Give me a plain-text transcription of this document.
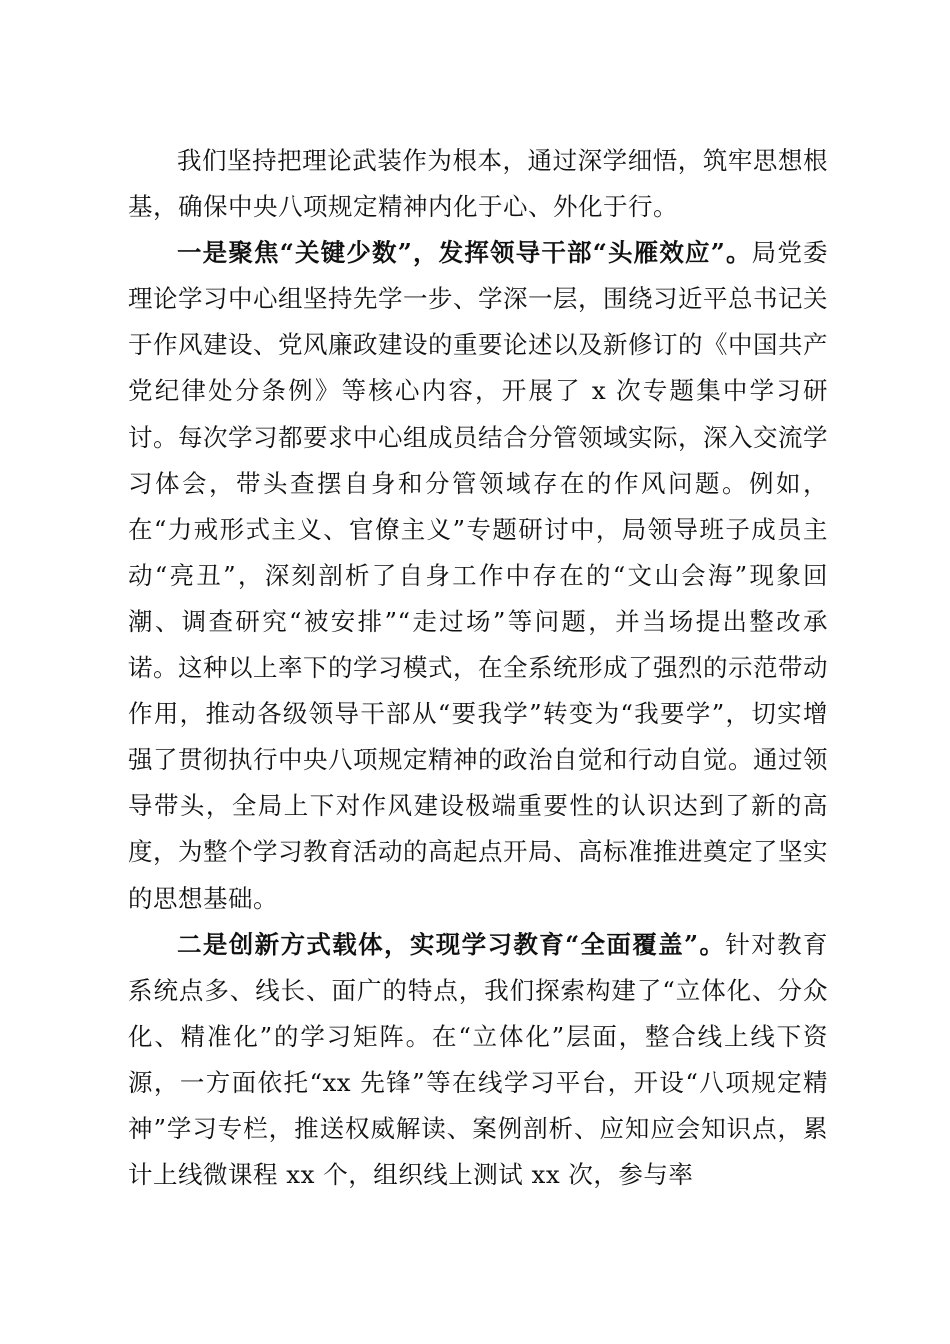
我们坚持把理论武装作为根本，通过深学细悟，筑牢思想根基，确保中央八项规定精神内化于心、外化于行。

一是聚焦“关键少数”，发挥领导干部“头雁效应”。局党委理论学习中心组坚持先学一步、学深一层，围绕习近平总书记关于作风建设、党风廉政建设的重要论述以及新修订的《中国共产党纪律处分条例》等核心内容，开展了 x 次专题集中学习研讨。每次学习都要求中心组成员结合分管领域实际，深入交流学习体会，带头查摆自身和分管领域存在的作风问题。例如，在“力戒形式主义、官僚主义”专题研讨中，局领导班子成员主动“亮丑”，深刻剖析了自身工作中存在的“文山会海”现象回潮、调查研究“被安排”“走过场”等问题，并当场提出整改承诺。这种以上率下的学习模式，在全系统形成了强烈的示范带动作用，推动各级领导干部从“要我学”转变为“我要学”，切实增强了贯彻执行中央八项规定精神的政治自觉和行动自觉。通过领导带头，全局上下对作风建设极端重要性的认识达到了新的高度，为整个学习教育活动的高起点开局、高标准推进奠定了坚实的思想基础。

二是创新方式载体，实现学习教育“全面覆盖”。针对教育系统点多、线长、面广的特点，我们探索构建了“立体化、分众化、精准化”的学习矩阵。在“立体化”层面，整合线上线下资源，一方面依托“xx 先锋”等在线学习平台，开设“八项规定精神”学习专栏，推送权威解读、案例剖析、应知应会知识点，累计上线微课程 xx 个，组织线上测试 xx 次，参与率
